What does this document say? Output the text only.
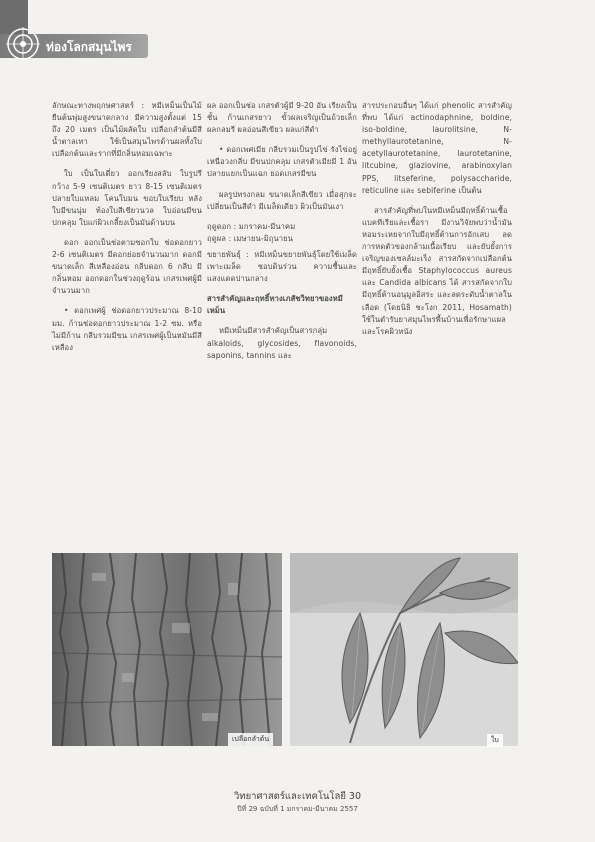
ท่องโลกสมุนไพร

ลักษณะทางพฤกษศาสตร์ : หมีเหม็นเป็นไม้ยืนต้นพุ่มสูงขนาดกลาง มีความสูงตั้งแต่ 15 ถึง 20 เมตร เป็นไม้ผลัดใบ เปลือกลำต้นมีสีน้ำตาลเทา ใช้เป็นสมุนไพรด้านผลทั้งใบเปลือกต้นและรากที่มีกลิ่นหอมเฉพาะ

ใบ เป็นใบเดี่ยว ออกเรียงสลับ ใบรูปรี กว้าง 5-9 เซนติเมตร ยาว 8-15 เซนติเมตร ปลายใบแหลม โคนใบมน ขอบใบเรียบ หลังใบมีขนนุ่ม ท้องใบสีเขียวนวล ใบอ่อนมีขนปกคลุม ใบแก่ผิวเกลี้ยงเป็นมันด้านบน

ดอก ออกเป็นช่อตามซอกใบ ช่อดอกยาว 2-6 เซนติเมตร มีดอกย่อยจำนวนมาก ดอกมีขนาดเล็ก สีเหลืองอ่อน กลีบดอก 6 กลีบ มีกลิ่นหอม ออกดอกในช่วงฤดูร้อน เกสรเพศผู้มีจำนวนมาก

• ดอกเพศผู้ ช่อดอกยาวประมาณ 8-10 มม. ก้านช่อดอกยาวประมาณ 1-2 ซม. หรือไม่มีก้าน กลีบรวมมีขน เกสรเพศผู้เป็นหมันมีสีเหลือง

ผล ออกเป็นช่อ เกสรตัวผู้มี 9-20 อัน เรียงเป็นชั้น ก้านเกสรยาว ขั้วผลเจริญเป็นถ้วยเล็ก ผลกลมรี ผลอ่อนสีเขียว ผลแก่สีดำ

• ดอกเพศเมีย กลีบรวมเป็นรูปไข่ รังไข่อยู่เหนือวงกลีบ มีขนปกคลุม เกสรตัวเมียมี 1 อัน ปลายแยกเป็นแฉก ยอดเกสรมีขน

ผลรูปทรงกลม ขนาดเล็กสีเขียว เมื่อสุกจะเปลี่ยนเป็นสีดำ มีเมล็ดเดียว ผิวเป็นมันเงา

ฤดูดอก : มกราคม-มีนาคม

ฤดูผล : เมษายน-มิถุนายน

ขยายพันธุ์ : หมีเหม็นขยายพันธุ์โดยใช้เมล็ด เพาะเมล็ด ชอบดินร่วน ความชื้นและแสงแดดปานกลาง

สารสำคัญและฤทธิ์ทางเภสัชวิทยาของหมีเหม็น

หมีเหม็นมีสารสำคัญเป็นสารกลุ่ม alkaloids, glycosides, flavonoids, saponins, tannins และ

สารประกอบอื่นๆ ได้แก่ phenolic สารสำคัญที่พบ ได้แก่ actinodaphnine, boldine, iso-boldine, laurolitsine, N-methyllaurotetanine, N-acetyllaurotetanine, laurotetanine, litcubine, glaziovine, arabinoxylan PPS, litseferine, polysaccharide, reticuline และ sebiferine เป็นต้น

สารสำคัญที่พบในหมีเหม็นมีฤทธิ์ต้านเชื้อแบคทีเรียและเชื้อรา มีงานวิจัยพบว่าน้ำมันหอมระเหยจากใบมีฤทธิ์ต้านการอักเสบ ลดการหดตัวของกล้ามเนื้อเรียบ และยับยั้งการเจริญของเซลล์มะเร็ง สารสกัดจากเปลือกต้นมีฤทธิ์ยับยั้งเชื้อ Staphylococcus aureus และ Candida albicans ได้ สารสกัดจากใบมีฤทธิ์ต้านอนุมูลอิสระ และลดระดับน้ำตาลในเลือด (โดยนิธิ ชะโงก 2011, Hosamath) ใช้ในตำรับยาสมุนไพรพื้นบ้านเพื่อรักษาแผลและโรคผิวหนัง

เปลือกลำต้น	ใบ
วิทยาศาสตร์และเทคโนโลยี 30
ปีที่ 29 ฉบับที่ 1 มกราคม-มีนาคม 2557
